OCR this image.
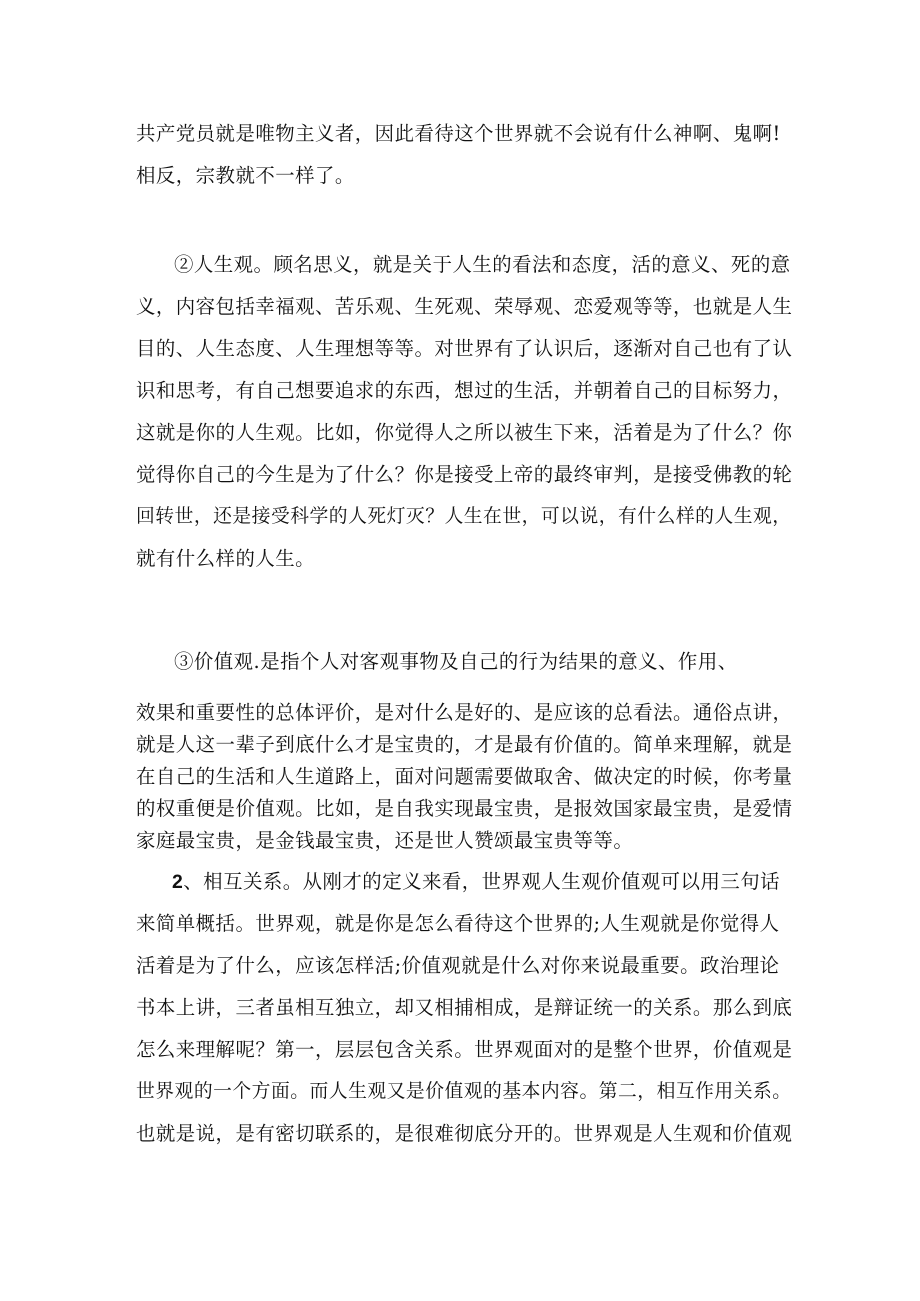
共产党员就是唯物主义者，因此看待这个世界就不会说有什么神啊、鬼啊!
相反，宗教就不一样了。
②人生观。顾名思义，就是关于人生的看法和态度，活的意义、死的意
义，内容包括幸福观、苦乐观、生死观、荣辱观、恋爱观等等，也就是人生
目的、人生态度、人生理想等等。对世界有了认识后，逐渐对自己也有了认
识和思考，有自己想要追求的东西，想过的生活，并朝着自己的目标努力，
这就是你的人生观。比如，你觉得人之所以被生下来，活着是为了什么？你
觉得你自己的今生是为了什么？你是接受上帝的最终审判，是接受佛教的轮
回转世，还是接受科学的人死灯灭？人生在世，可以说，有什么样的人生观，
就有什么样的人生。
③价值观.是指个人对客观事物及自己的行为结果的意义、作用、
效果和重要性的总体评价，是对什么是好的、是应该的总看法。通俗点讲，
就是人这一辈子到底什么才是宝贵的，才是最有价值的。简单来理解，就是
在自己的生活和人生道路上，面对问题需要做取舍、做决定的时候，你考量
的权重便是价值观。比如，是自我实现最宝贵，是报效国家最宝贵，是爱情
家庭最宝贵，是金钱最宝贵，还是世人赞颂最宝贵等等。
2、相互关系。从刚才的定义来看，世界观人生观价值观可以用三句话
来简单概括。世界观，就是你是怎么看待这个世界的;人生观就是你觉得人
活着是为了什么，应该怎样活;价值观就是什么对你来说最重要。政治理论
书本上讲，三者虽相互独立，却又相捕相成，是辩证统一的关系。那么到底
怎么来理解呢？第一，层层包含关系。世界观面对的是整个世界，价值观是
世界观的一个方面。而人生观又是价值观的基本内容。第二，相互作用关系。
也就是说，是有密切联系的，是很难彻底分开的。世界观是人生观和价值观
